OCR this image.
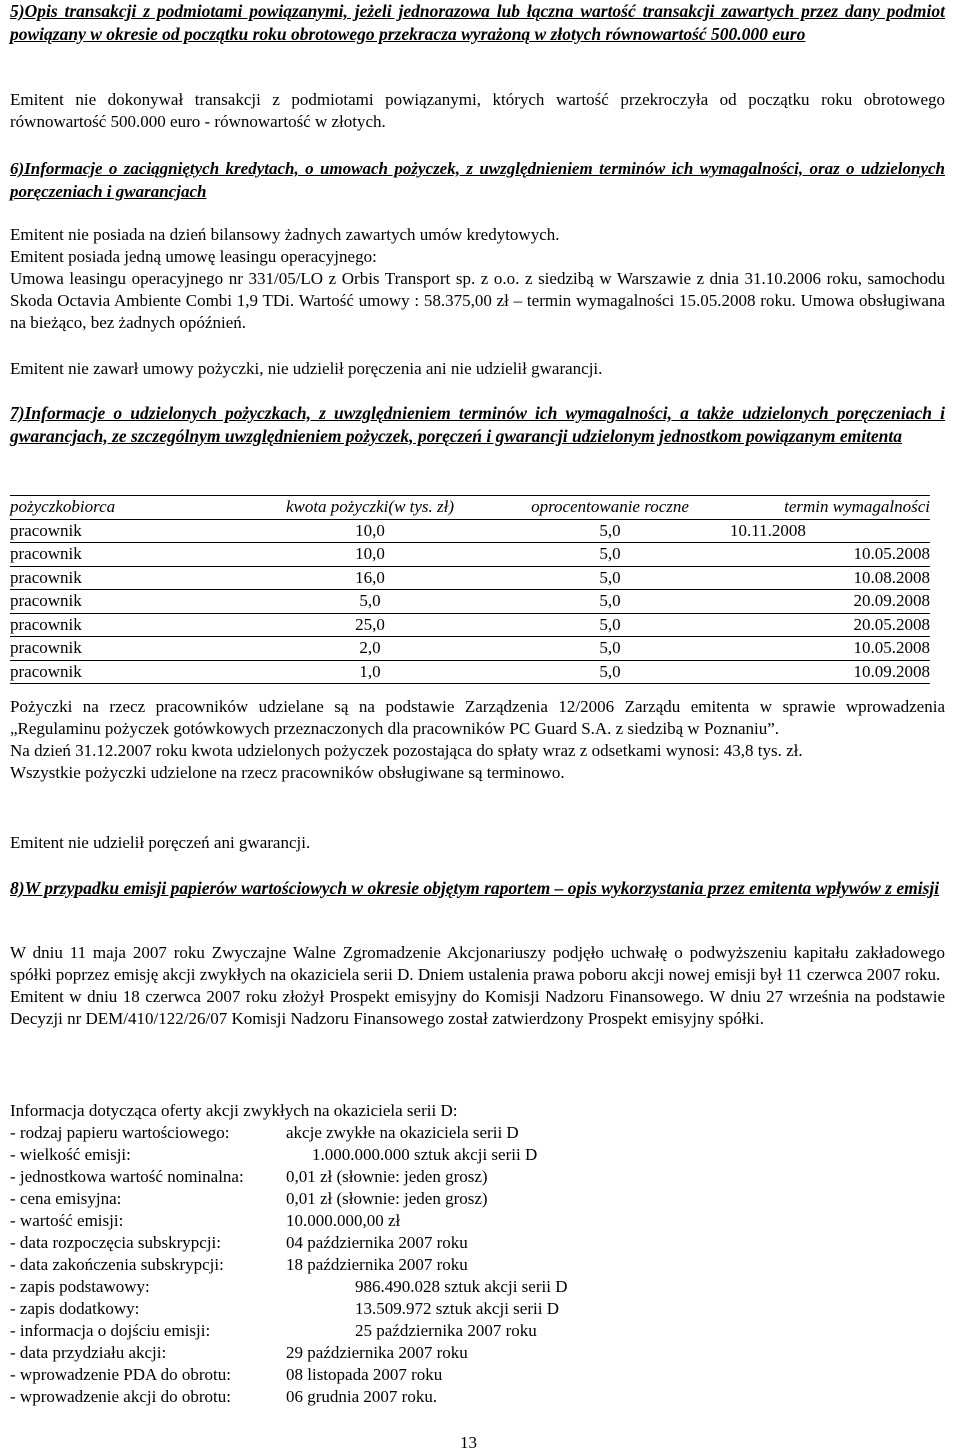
5)Opis transakcji z podmiotami powiązanymi, jeżeli jednorazowa lub łączna wartość transakcji zawartych przez dany podmiot powiązany w okresie od początku roku obrotowego przekracza wyrażoną w złotych równowartość 500.000 euro
Emitent nie dokonywał transakcji z podmiotami powiązanymi, których wartość przekroczyła od początku roku obrotowego równowartość 500.000 euro - równowartość w złotych.
6)Informacje o zaciągniętych kredytach, o umowach pożyczek, z uwzględnieniem terminów ich wymagalności, oraz o udzielonych poręczeniach i gwarancjach

Emitent nie posiada na dzień bilansowy żadnych zawartych umów kredytowych.

Emitent posiada jedną umowę leasingu operacyjnego:

Umowa leasingu operacyjnego nr 331/05/LO z Orbis Transport sp. z o.o. z siedzibą w Warszawie z dnia 31.10.2006 roku, samochodu Skoda Octavia Ambiente Combi 1,9 TDi. Wartość umowy : 58.375,00 zł – termin wymagalności 15.05.2008 roku. Umowa obsługiwana na bieżąco, bez żadnych opóźnień.

Emitent nie zawarł umowy pożyczki, nie udzielił poręczenia ani nie udzielił gwarancji.
7)Informacje o udzielonych pożyczkach, z uwzględnieniem terminów ich wymagalności, a także udzielonych poręczeniach i gwarancjach, ze szczególnym uwzględnieniem pożyczek, poręczeń i gwarancji udzielonym jednostkom powiązanym emitenta
pożyczkobiorca	kwota pożyczki(w tys. zł)	oprocentowanie roczne	termin wymagalności
pracownik	10,0	5,0	10.11.2008
pracownik	10,0	5,0	10.05.2008
pracownik	16,0	5,0	10.08.2008
pracownik	5,0	5,0	20.09.2008
pracownik	25,0	5,0	20.05.2008
pracownik	2,0	5,0	10.05.2008
pracownik	1,0	5,0	10.09.2008

Pożyczki na rzecz pracowników udzielane są na podstawie Zarządzenia 12/2006 Zarządu emitenta w sprawie wprowadzenia „Regulaminu pożyczek gotówkowych przeznaczonych dla pracowników PC Guard S.A. z siedzibą w Poznaniu”.

Na dzień 31.12.2007 roku kwota udzielonych pożyczek pozostająca do spłaty wraz z odsetkami wynosi: 43,8 tys. zł.

Wszystkie pożyczki udzielone na rzecz pracowników obsługiwane są terminowo.

Emitent nie udzielił poręczeń ani gwarancji.
8)W przypadku emisji papierów wartościowych w okresie objętym raportem – opis wykorzystania przez emitenta wpływów z emisji

W dniu 11 maja 2007 roku Zwyczajne Walne Zgromadzenie Akcjonariuszy podjęło uchwałę o podwyższeniu kapitału zakładowego spółki poprzez emisję akcji zwykłych na okaziciela serii D. Dniem ustalenia prawa poboru akcji nowej emisji był 11 czerwca 2007 roku.

Emitent w dniu 18 czerwca 2007 roku złożył Prospekt emisyjny do Komisji Nadzoru Finansowego. W dniu 27 września na podstawie Decyzji nr DEM/410/122/26/07 Komisji Nadzoru Finansowego został zatwierdzony Prospekt emisyjny spółki.

Informacja dotycząca oferty akcji zwykłych na okaziciela serii D:
- rodzaj papieru wartościowego:	akcje zwykłe na okaziciela serii D
- wielkość emisji:	1.000.000.000 sztuk akcji serii D
- jednostkowa wartość nominalna: 0,01 zł (słownie: jeden grosz)
- cena emisyjna:	0,01 zł (słownie: jeden grosz)
- wartość emisji:	10.000.000,00 zł
- data rozpoczęcia subskrypcji:	04 października 2007 roku
- data zakończenia subskrypcji:	18 października 2007 roku
- zapis podstawowy:	986.490.028 sztuk akcji serii D
- zapis dodatkowy:	13.509.972 sztuk akcji serii D
- informacja o dojściu emisji:	25 października 2007 roku
- data przydziału akcji:	29 października 2007 roku
- wprowadzenie PDA do obrotu:	08 listopada 2007 roku
- wprowadzenie akcji do obrotu:	06 grudnia 2007 roku.
13
